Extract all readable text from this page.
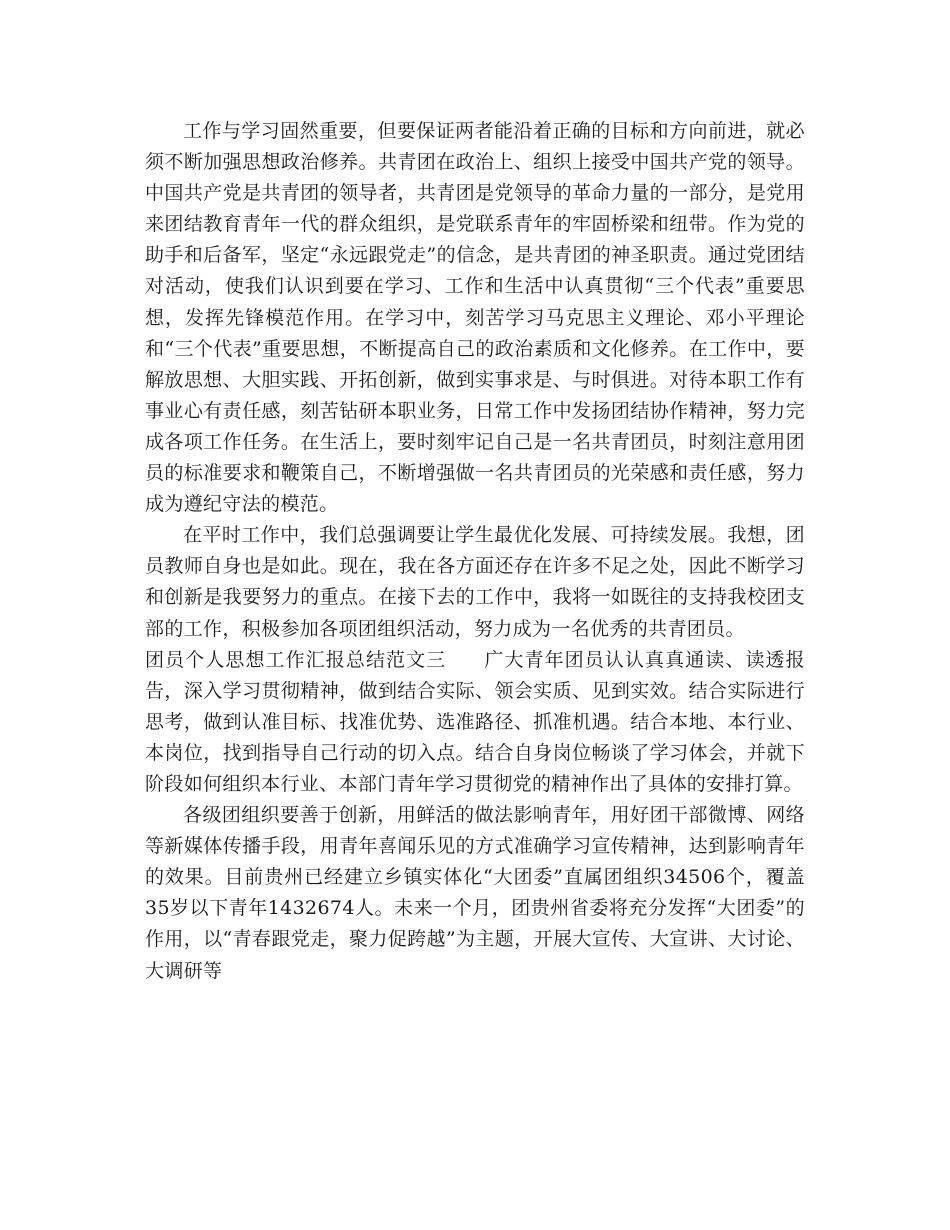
工作与学习固然重要，但要保证两者能沿着正确的目标和方向前进，就必须不断加强思想政治修养。共青团在政治上、组织上接受中国共产党的领导。中国共产党是共青团的领导者，共青团是党领导的革命力量的一部分，是党用来团结教育青年一代的群众组织，是党联系青年的牢固桥梁和纽带。作为党的助手和后备军，坚定“永远跟党走”的信念，是共青团的神圣职责。通过党团结对活动，使我们认识到要在学习、工作和生活中认真贯彻“三个代表”重要思想，发挥先锋模范作用。在学习中，刻苦学习马克思主义理论、邓小平理论和“三个代表”重要思想，不断提高自己的政治素质和文化修养。在工作中，要解放思想、大胆实践、开拓创新，做到实事求是、与时俱进。对待本职工作有事业心有责任感，刻苦钻研本职业务，日常工作中发扬团结协作精神，努力完成各项工作任务。在生活上，要时刻牢记自己是一名共青团员，时刻注意用团员的标准要求和鞭策自己，不断增强做一名共青团员的光荣感和责任感，努力成为遵纪守法的模范。

在平时工作中，我们总强调要让学生最优化发展、可持续发展。我想，团员教师自身也是如此。现在，我在各方面还存在许多不足之处，因此不断学习和创新是我要努力的重点。在接下去的工作中，我将一如既往的支持我校团支部的工作，积极参加各项团组织活动，努力成为一名优秀的共青团员。

团员个人思想工作汇报总结范文三 广大青年团员认认真真通读、读透报告，深入学习贯彻精神，做到结合实际、领会实质、见到实效。结合实际进行思考，做到认准目标、找准优势、选准路径、抓准机遇。结合本地、本行业、本岗位，找到指导自己行动的切入点。结合自身岗位畅谈了学习体会，并就下阶段如何组织本行业、本部门青年学习贯彻党的精神作出了具体的安排打算。

各级团组织要善于创新，用鲜活的做法影响青年，用好团干部微博、网络等新媒体传播手段，用青年喜闻乐见的方式准确学习宣传精神，达到影响青年的效果。目前贵州已经建立乡镇实体化“大团委”直属团组织34506个，覆盖35岁以下青年1432674人。未来一个月，团贵州省委将充分发挥“大团委”的作用，以“青春跟党走，聚力促跨越”为主题，开展大宣传、大宣讲、大讨论、大调研等
